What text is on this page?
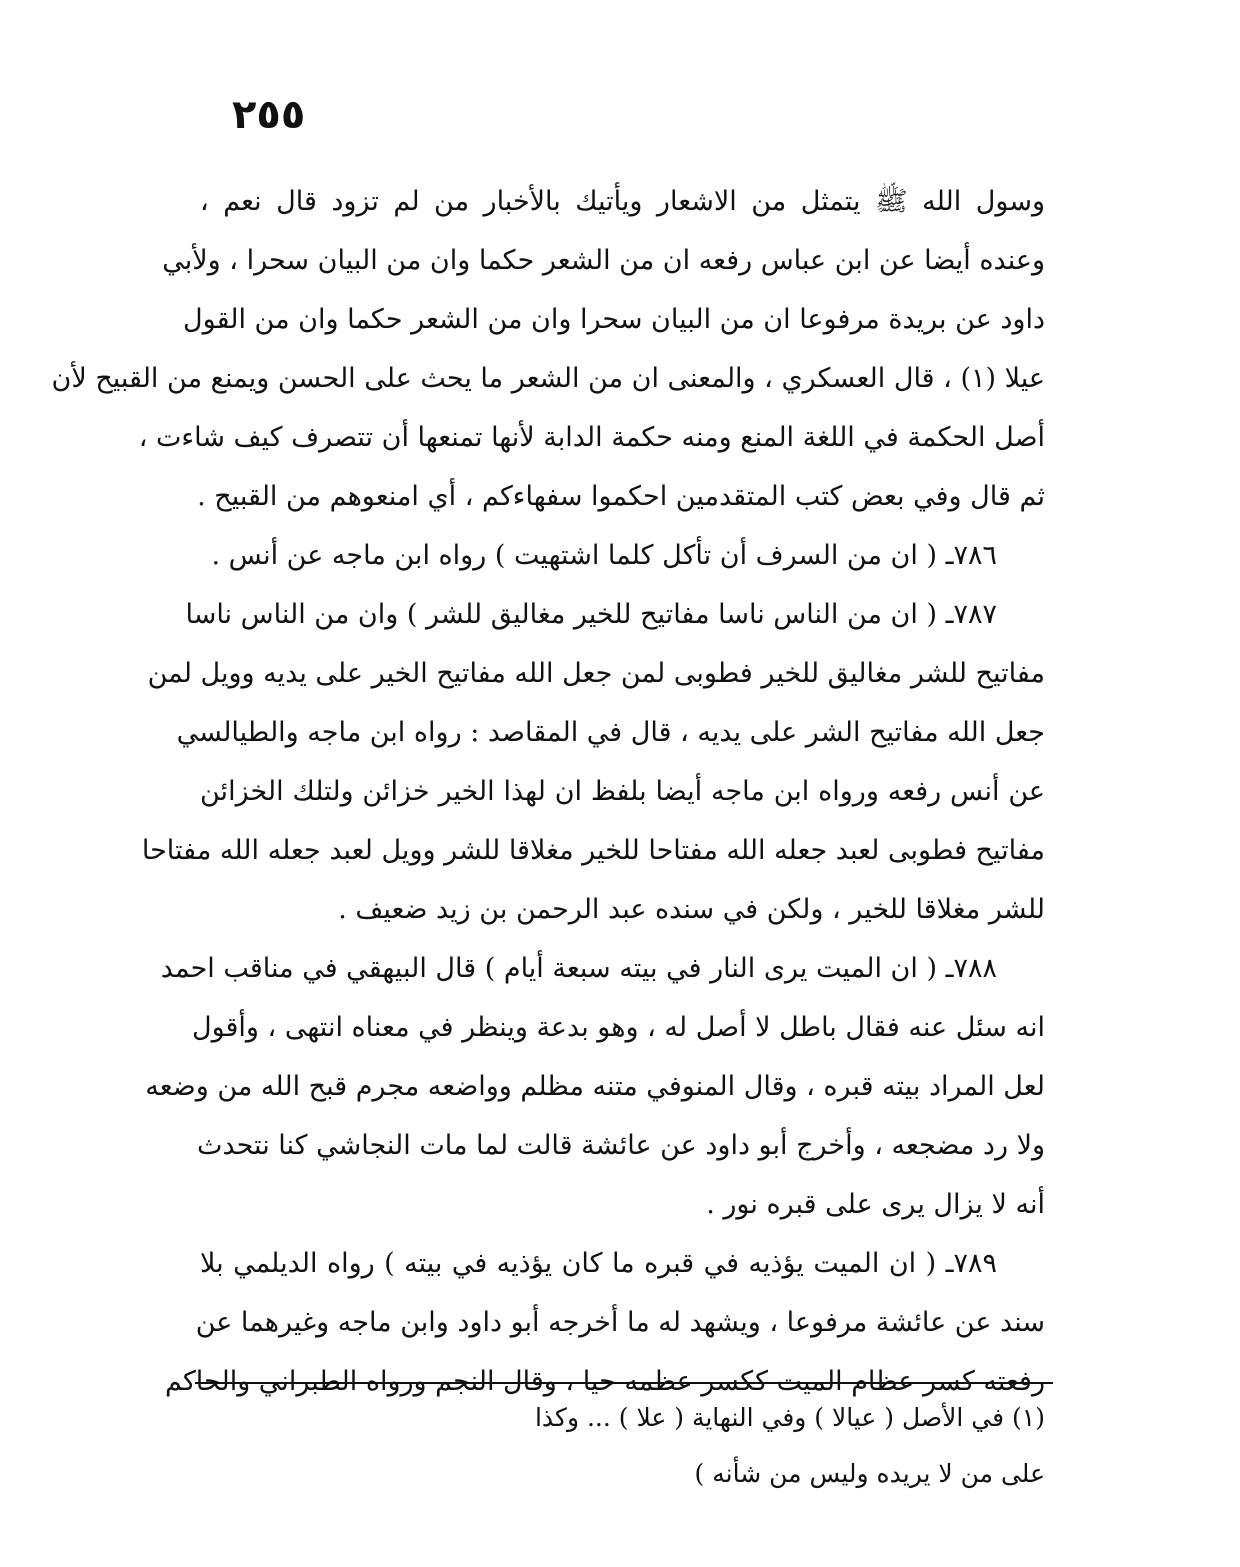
٢٥٥
وسول الله ﷺ يتمثل من الاشعار ويأتيك بالأخبار من لم تزود قال نعم ،
وعنده أيضا عن ابن عباس رفعه ان من الشعر حكما وان من البيان سحرا ، ولأبي
داود عن بريدة مرفوعا ان من البيان سحرا وان من الشعر حكما وان من القول
عيلا (١) ، قال العسكري ، والمعنى ان من الشعر ما يحث على الحسن ويمنع من القبيح لأن
أصل الحكمة في اللغة المنع ومنه حكمة الدابة لأنها تمنعها أن تتصرف كيف شاءت ،
ثم قال وفي بعض كتب المتقدمين احكموا سفهاءكم ، أي امنعوهم من القبيح .
٧٨٦ـ ( ان من السرف أن تأكل كلما اشتهيت ) رواه ابن ماجه عن أنس .
٧٨٧ـ ( ان من الناس ناسا مفاتيح للخير مغاليق للشر ) وان من الناس ناسا
مفاتيح للشر مغاليق للخير فطوبى لمن جعل الله مفاتيح الخير على يديه وويل لمن
جعل الله مفاتيح الشر على يديه ، قال في المقاصد : رواه ابن ماجه والطيالسي
عن أنس رفعه ورواه ابن ماجه أيضا بلفظ ان لهذا الخير خزائن ولتلك الخزائن
مفاتيح فطوبى لعبد جعله الله مفتاحا للخير مغلاقا للشر وويل لعبد جعله الله مفتاحا
للشر مغلاقا للخير ، ولكن في سنده عبد الرحمن بن زيد ضعيف .
٧٨٨ـ ( ان الميت يرى النار في بيته سبعة أيام ) قال البيهقي في مناقب احمد
انه سئل عنه فقال باطل لا أصل له ، وهو بدعة وينظر في معناه انتهى ، وأقول
لعل المراد بيته قبره ، وقال المنوفي متنه مظلم وواضعه مجرم قبح الله من وضعه
ولا رد مضجعه ، وأخرج أبو داود عن عائشة قالت لما مات النجاشي كنا نتحدث
أنه لا يزال يرى على قبره نور .
٧٨٩ـ ( ان الميت يؤذيه في قبره ما كان يؤذيه في بيته ) رواه الديلمي بلا
سند عن عائشة مرفوعا ، ويشهد له ما أخرجه أبو داود وابن ماجه وغيرهما عن
رفعته كسر عظام الميت ككسر عظمه حيا ، وقال النجم ورواه الطبراني والحاكم
(١) في الأصل ( عيالا ) وفي النهاية ( علا ) ... وكذا
على من لا يريده وليس من شأنه )
